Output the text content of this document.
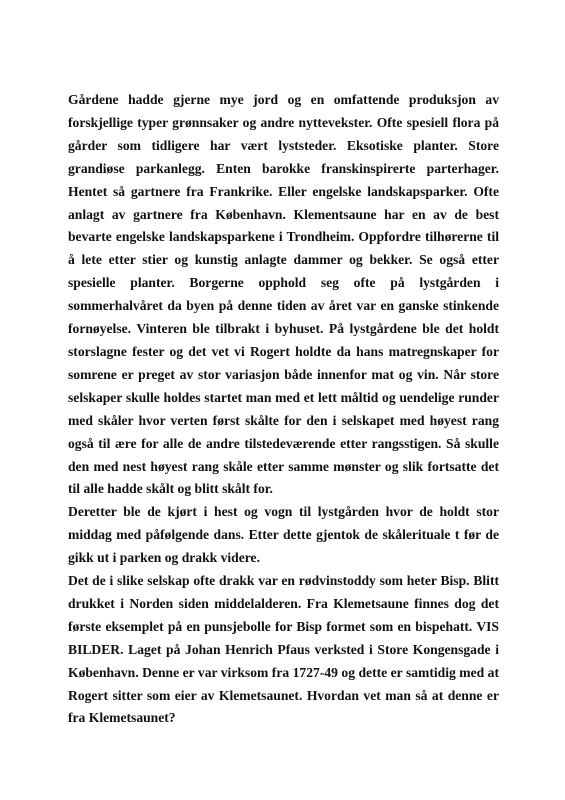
Gårdene hadde gjerne mye jord og en omfattende produksjon av forskjellige typer grønnsaker og andre nyttevekster. Ofte spesiell flora på gårder som tidligere har vært lyststeder. Eksotiske planter. Store grandiøse parkanlegg. Enten barokke franskinspirerte parterhager. Hentet så gartnere fra Frankrike. Eller engelske landskapsparker. Ofte anlagt av gartnere fra København. Klementsaune har en av de best bevarte engelske landskapsparkene i Trondheim. Oppfordre tilhørerne til å lete etter stier og kunstig anlagte dammer og bekker. Se også etter spesielle planter. Borgerne opphold seg ofte på lystgården i sommerhalvåret da byen på denne tiden av året var en ganske stinkende fornøyelse. Vinteren ble tilbrakt i byhuset. På lystgårdene ble det holdt storslagne fester og det vet vi Rogert holdte da hans matregnskaper for somrene er preget av stor variasjon både innenfor mat og vin. Når store selskaper skulle holdes startet man med et lett måltid og uendelige runder med skåler hvor verten først skålte for den i selskapet med høyest rang også til ære for alle de andre tilstedeværende etter rangsstigen. Så skulle den med nest høyest rang skåle etter samme mønster og slik fortsatte det til alle hadde skålt og blitt skålt for.

Deretter ble de kjørt i hest og vogn til lystgården hvor de holdt stor middag med påfølgende dans. Etter dette gjentok de skålerituale t før de gikk ut i parken og drakk videre.

Det de i slike selskap ofte drakk var en rødvinstoddy som heter Bisp. Blitt drukket i Norden siden middelalderen. Fra Klemetsaune finnes dog det første eksemplet på en punsjebolle for Bisp formet som en bispehatt. VIS BILDER. Laget på Johan Henrich Pfaus verksted i Store Kongensgade i København. Denne er var virksom fra 1727-49 og dette er samtidig med at Rogert sitter som eier av Klemetsaunet. Hvordan vet man så at denne er fra Klemetsaunet?
